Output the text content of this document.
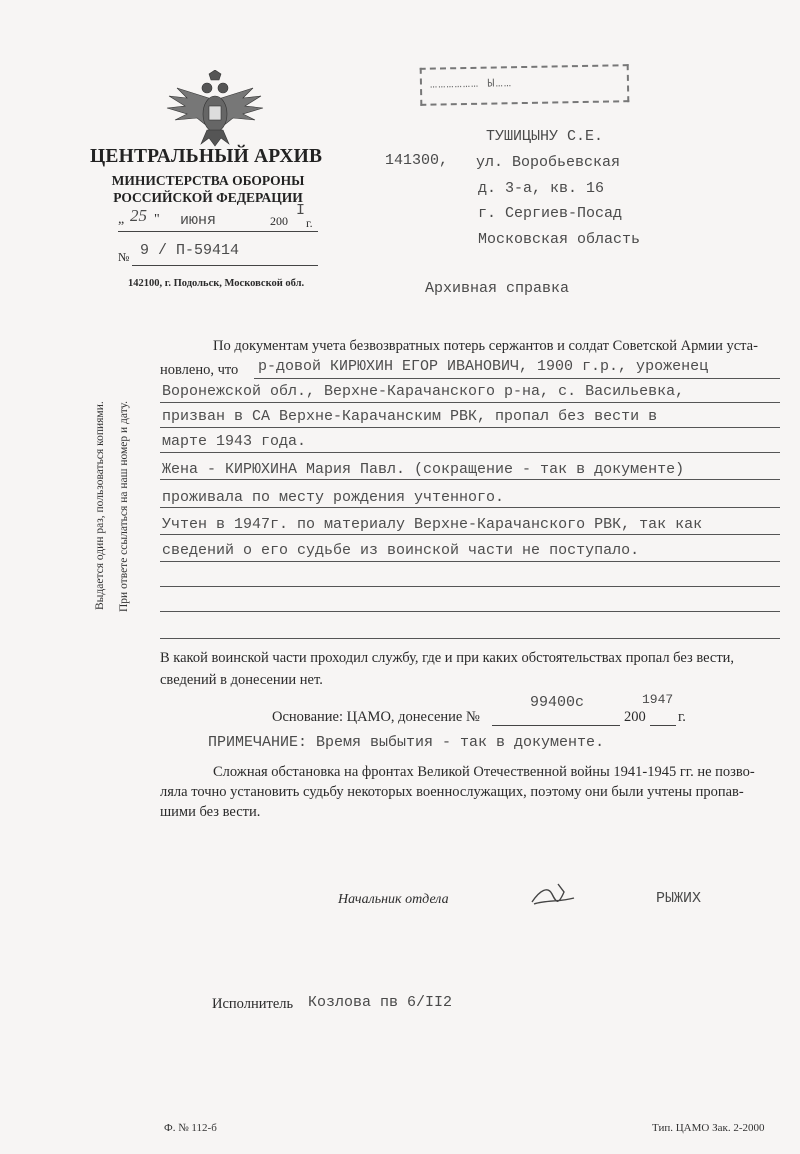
ЦЕНТРАЛЬНЫЙ АРХИВ
МИНИСТЕРСТВА ОБОРОНЫ
РОССИЙСКОЙ ФЕДЕРАЦИИ
„ 25 " июня	200
I
г.
№ 9 / П-59414
142100, г. Подольск, Московской обл.
……………… Ы……
141300,
ТУШИЦЫНУ С.Е.
ул. Воробьевская
д. 3-а, кв. 16
г. Сергиев-Посад
Московская область
Архивная справка
Выдается один раз, пользоваться копиями. При ответе ссылаться на наш номер и дату.
По документам учета безвозвратных потерь сержантов и солдат Советской Армии уста-
новлено, что р-довой КИРЮХИН ЕГОР ИВАНОВИЧ, 1900 г.р., уроженец
Воронежской обл., Верхне-Карачанского р-на, с. Васильевка,
призван в СА Верхне-Карачанским РВК, пропал без вести в
марте 1943 года.
Жена - КИРЮХИНА Мария Павл. (сокращение - так в документе)
проживала по месту рождения учтенного.
Учтен в 1947г. по материалу Верхне-Карачанского РВК, так как
сведений о его судьбе из воинской части не поступало.
В какой воинской части проходил службу, где и при каких обстоятельствах пропал без вести,
сведений в донесении нет.
Основание: ЦАМО, донесение №
99400с
200
1947
г.
ПРИМЕЧАНИЕ: Время выбытия - так в документе.
Сложная обстановка на фронтах Великой Отечественной войны 1941-1945 гг. не позво-
ляла точно установить судьбу некоторых военнослужащих, поэтому они были учтены пропав-
шими без вести.
Начальник отдела	РЫЖИХ
Исполнитель Козлова пв 6/II2
Ф. № 112-б	Тип. ЦАМО Зак. 2-2000
